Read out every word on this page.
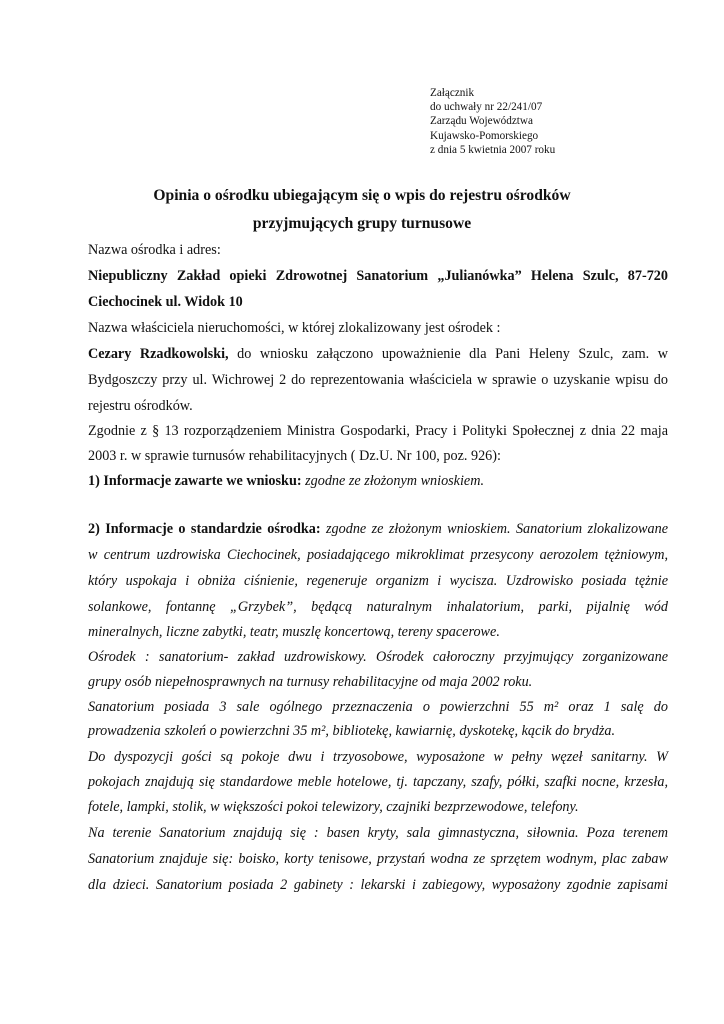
Załącznik
do uchwały nr 22/241/07
Zarządu Województwa
Kujawsko-Pomorskiego
z dnia 5 kwietnia 2007 roku
Opinia o ośrodku ubiegającym się o wpis do rejestru ośrodków
przyjmujących grupy turnusowe
Nazwa ośrodka i adres:
Niepubliczny Zakład opieki Zdrowotnej Sanatorium „Julianówka” Helena Szulc, 87-720
Ciechocinek ul. Widok 10
Nazwa właściciela nieruchomości, w której zlokalizowany jest ośrodek :
Cezary Rzadkowolski, do wniosku załączono upoważnienie dla Pani Heleny Szulc, zam. w
Bydgoszczy przy ul. Wichrowej 2 do reprezentowania właściciela w sprawie o uzyskanie wpisu do
rejestru ośrodków.
Zgodnie z § 13 rozporządzeniem Ministra Gospodarki, Pracy i Polityki Społecznej z dnia 22 maja
2003 r. w sprawie turnusów rehabilitacyjnych ( Dz.U. Nr 100, poz. 926):
1) Informacje zawarte we wniosku: zgodne ze złożonym wnioskiem.
2) Informacje o standardzie ośrodka: zgodne ze złożonym wnioskiem. Sanatorium zlokalizowane
w centrum uzdrowiska Ciechocinek, posiadającego mikroklimat przesycony aerozolem tężniowym,
który uspokaja i obniża ciśnienie, regeneruje organizm i wycisza. Uzdrowisko posiada tężnie
solankowe, fontannę „Grzybek”, będącą naturalnym inhalatorium, parki, pijalnię wód
mineralnych, liczne zabytki, teatr, muszlę koncertową, tereny spacerowe.
Ośrodek : sanatorium- zakład uzdrowiskowy. Ośrodek całoroczny przyjmujący zorganizowane
grupy osób niepełnosprawnych na turnusy rehabilitacyjne od maja 2002 roku.
Sanatorium posiada 3 sale ogólnego przeznaczenia o powierzchni 55 m² oraz 1 salę do
prowadzenia szkoleń o powierzchni 35 m², bibliotekę, kawiarnię, dyskotekę, kącik do brydża.
Do dyspozycji gości są pokoje dwu i trzyosobowe, wyposażone w pełny węzeł sanitarny. W
pokojach znajdują się standardowe meble hotelowe, tj. tapczany, szafy, półki, szafki nocne, krzesła,
fotele, lampki, stolik, w większości pokoi telewizory, czajniki bezprzewodowe, telefony.
Na terenie Sanatorium znajdują się : basen kryty, sala gimnastyczna, siłownia. Poza terenem
Sanatorium znajduje się: boisko, korty tenisowe, przystań wodna ze sprzętem wodnym, plac zabaw
dla dzieci. Sanatorium posiada 2 gabinety : lekarski i zabiegowy, wyposażony zgodnie zapisami
